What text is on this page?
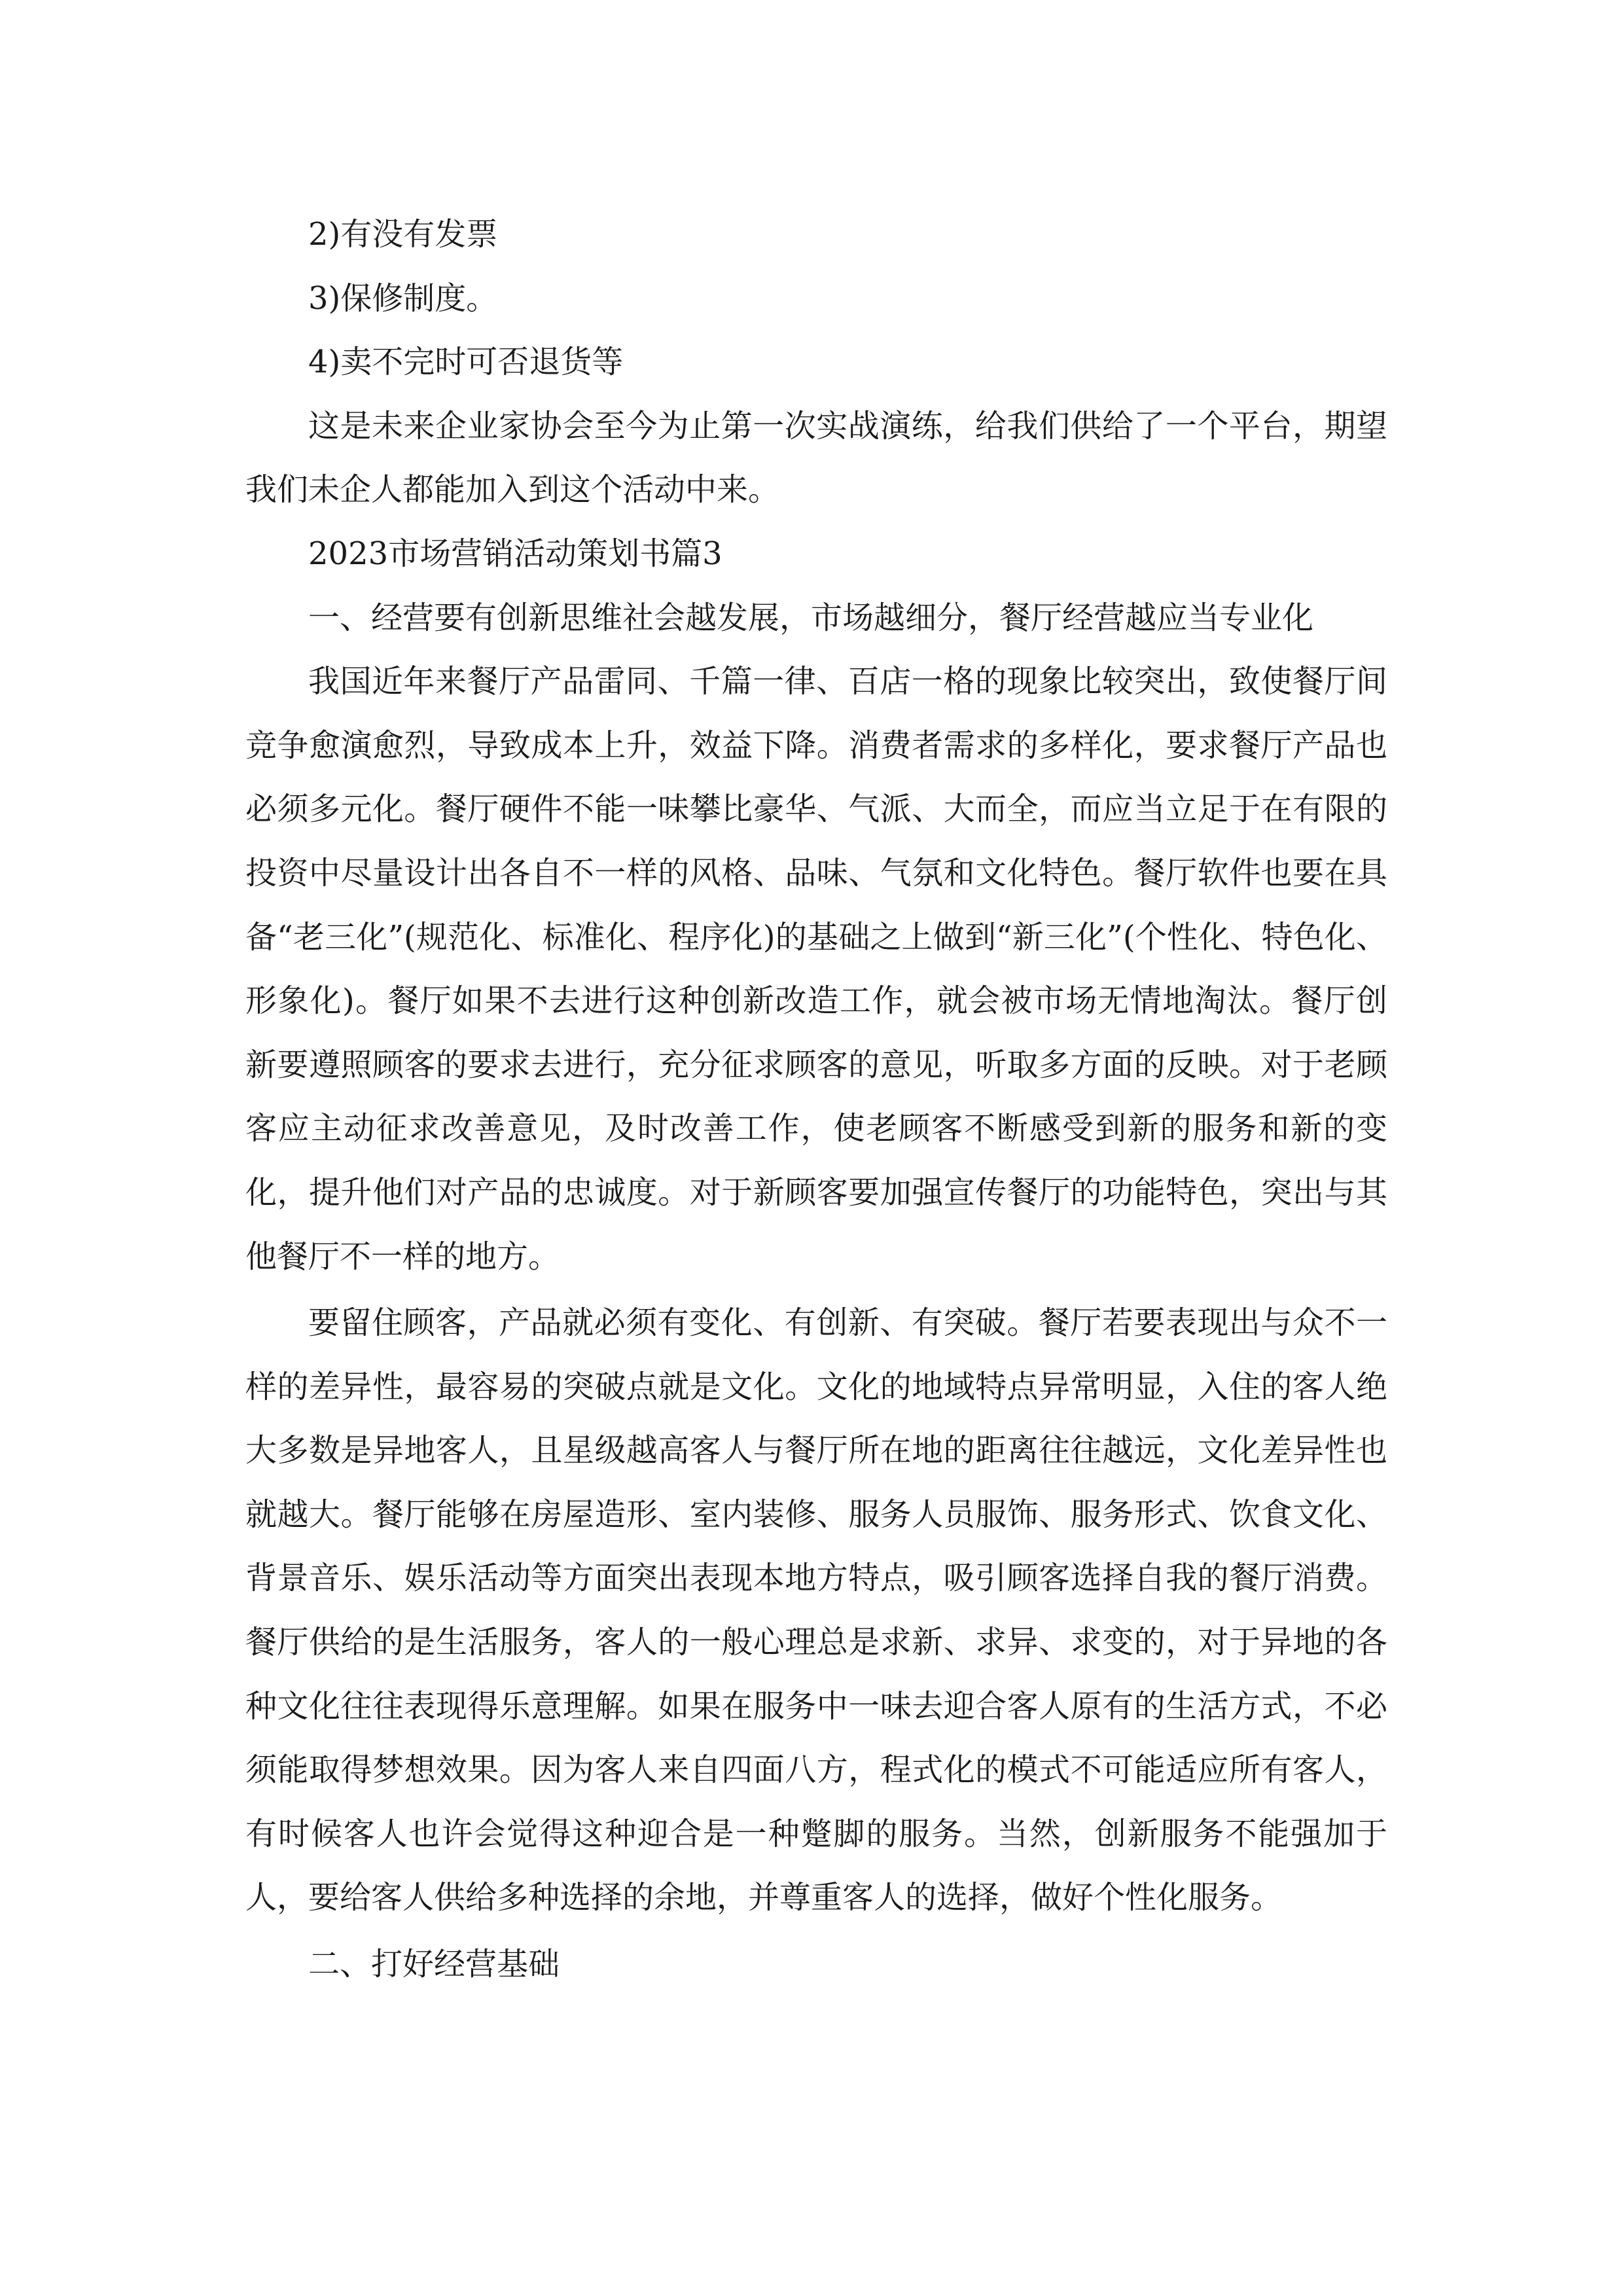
2)有没有发票

3)保修制度。

4)卖不完时可否退货等

这是未来企业家协会至今为止第一次实战演练，给我们供给了一个平台，期望我们未企人都能加入到这个活动中来。

2023市场营销活动策划书篇3

一、经营要有创新思维社会越发展，市场越细分，餐厅经营越应当专业化

我国近年来餐厅产品雷同、千篇一律、百店一格的现象比较突出，致使餐厅间竞争愈演愈烈，导致成本上升，效益下降。消费者需求的多样化，要求餐厅产品也必须多元化。餐厅硬件不能一味攀比豪华、气派、大而全，而应当立足于在有限的投资中尽量设计出各自不一样的风格、品味、气氛和文化特色。餐厅软件也要在具备“老三化”(规范化、标准化、程序化)的基础之上做到“新三化”(个性化、特色化、形象化)。餐厅如果不去进行这种创新改造工作，就会被市场无情地淘汰。餐厅创新要遵照顾客的要求去进行，充分征求顾客的意见，听取多方面的反映。对于老顾客应主动征求改善意见，及时改善工作，使老顾客不断感受到新的服务和新的变化，提升他们对产品的忠诚度。对于新顾客要加强宣传餐厅的功能特色，突出与其他餐厅不一样的地方。

要留住顾客，产品就必须有变化、有创新、有突破。餐厅若要表现出与众不一样的差异性，最容易的突破点就是文化。文化的地域特点异常明显，入住的客人绝大多数是异地客人，且星级越高客人与餐厅所在地的距离往往越远，文化差异性也就越大。餐厅能够在房屋造形、室内装修、服务人员服饰、服务形式、饮食文化、背景音乐、娱乐活动等方面突出表现本地方特点，吸引顾客选择自我的餐厅消费。餐厅供给的是生活服务，客人的一般心理总是求新、求异、求变的，对于异地的各种文化往往表现得乐意理解。如果在服务中一味去迎合客人原有的生活方式，不必须能取得梦想效果。因为客人来自四面八方，程式化的模式不可能适应所有客人，有时候客人也许会觉得这种迎合是一种蹩脚的服务。当然，创新服务不能强加于人，要给客人供给多种选择的余地，并尊重客人的选择，做好个性化服务。

二、打好经营基础
